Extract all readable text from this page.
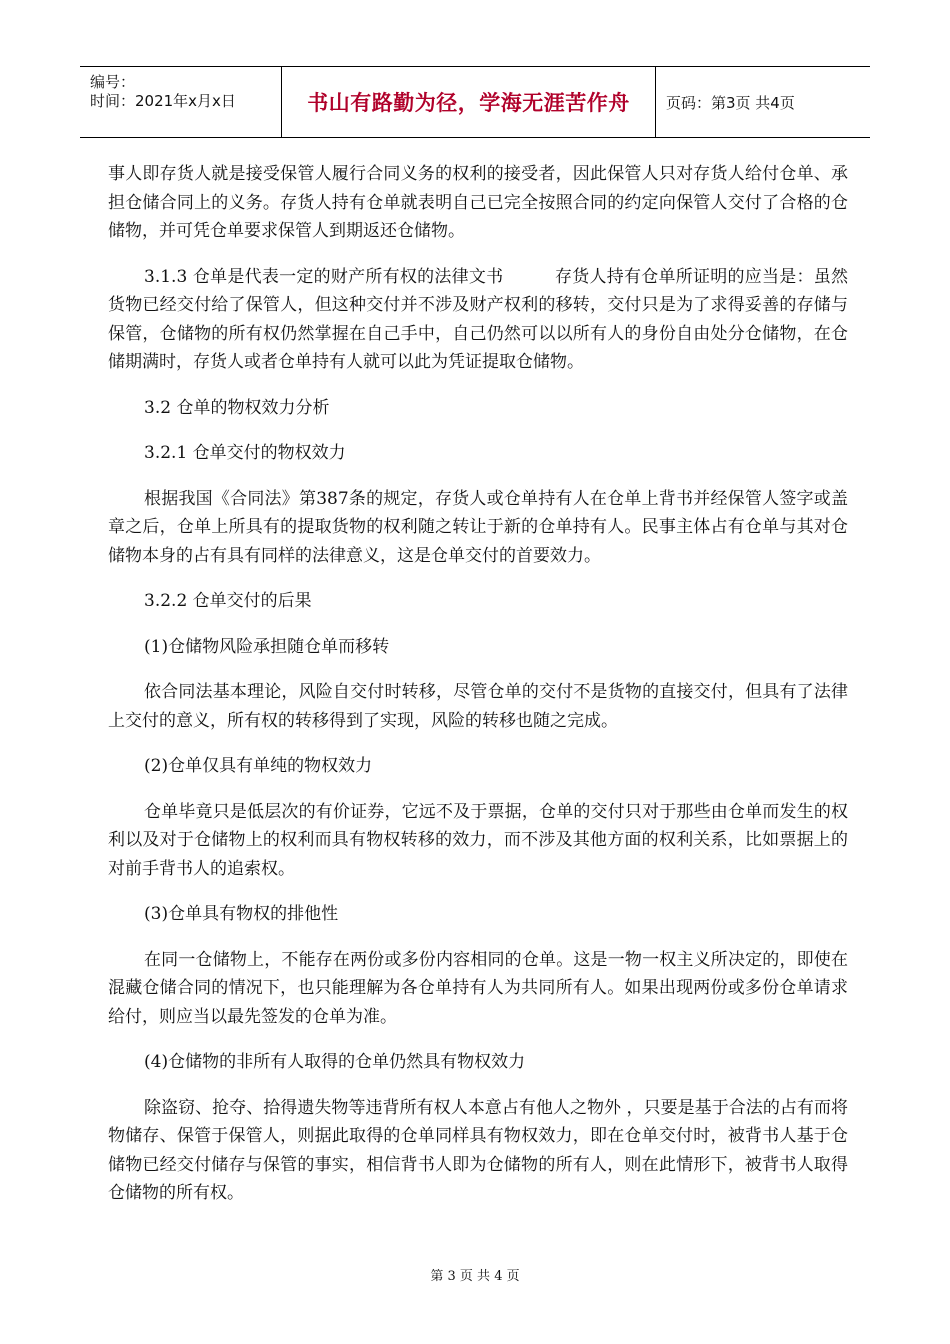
编号：
时间：2021年x月x日	书山有路勤为径，学海无涯苦作舟	页码：第3页 共4页

事人即存货人就是接受保管人履行合同义务的权利的接受者，因此保管人只对存货人给付仓单、承担仓储合同上的义务。存货人持有仓单就表明自己已完全按照合同的约定向保管人交付了合格的仓储物，并可凭仓单要求保管人到期返还仓储物。

3.1.3 仓单是代表一定的财产所有权的法律文书　　　存货人持有仓单所证明的应当是：虽然货物已经交付给了保管人，但这种交付并不涉及财产权利的移转，交付只是为了求得妥善的存储与保管，仓储物的所有权仍然掌握在自己手中，自己仍然可以以所有人的身份自由处分仓储物，在仓储期满时，存货人或者仓单持有人就可以此为凭证提取仓储物。

3.2 仓单的物权效力分析

3.2.1 仓单交付的物权效力

根据我国《合同法》第387条的规定，存货人或仓单持有人在仓单上背书并经保管人签字或盖章之后，仓单上所具有的提取货物的权利随之转让于新的仓单持有人。民事主体占有仓单与其对仓储物本身的占有具有同样的法律意义，这是仓单交付的首要效力。

3.2.2 仓单交付的后果

(1)仓储物风险承担随仓单而移转

依合同法基本理论，风险自交付时转移，尽管仓单的交付不是货物的直接交付，但具有了法律上交付的意义，所有权的转移得到了实现，风险的转移也随之完成。

(2)仓单仅具有单纯的物权效力

仓单毕竟只是低层次的有价证券，它远不及于票据，仓单的交付只对于那些由仓单而发生的权利以及对于仓储物上的权利而具有物权转移的效力，而不涉及其他方面的权利关系，比如票据上的对前手背书人的追索权。

(3)仓单具有物权的排他性

在同一仓储物上，不能存在两份或多份内容相同的仓单。这是一物一权主义所决定的，即使在混藏仓储合同的情况下，也只能理解为各仓单持有人为共同所有人。如果出现两份或多份仓单请求给付，则应当以最先签发的仓单为准。

(4)仓储物的非所有人取得的仓单仍然具有物权效力

除盗窃、抢夺、拾得遗失物等违背所有权人本意占有他人之物外 ，只要是基于合法的占有而将物储存、保管于保管人，则据此取得的仓单同样具有物权效力，即在仓单交付时，被背书人基于仓储物已经交付储存与保管的事实，相信背书人即为仓储物的所有人，则在此情形下，被背书人取得仓储物的所有权。

第 3 页 共 4 页
